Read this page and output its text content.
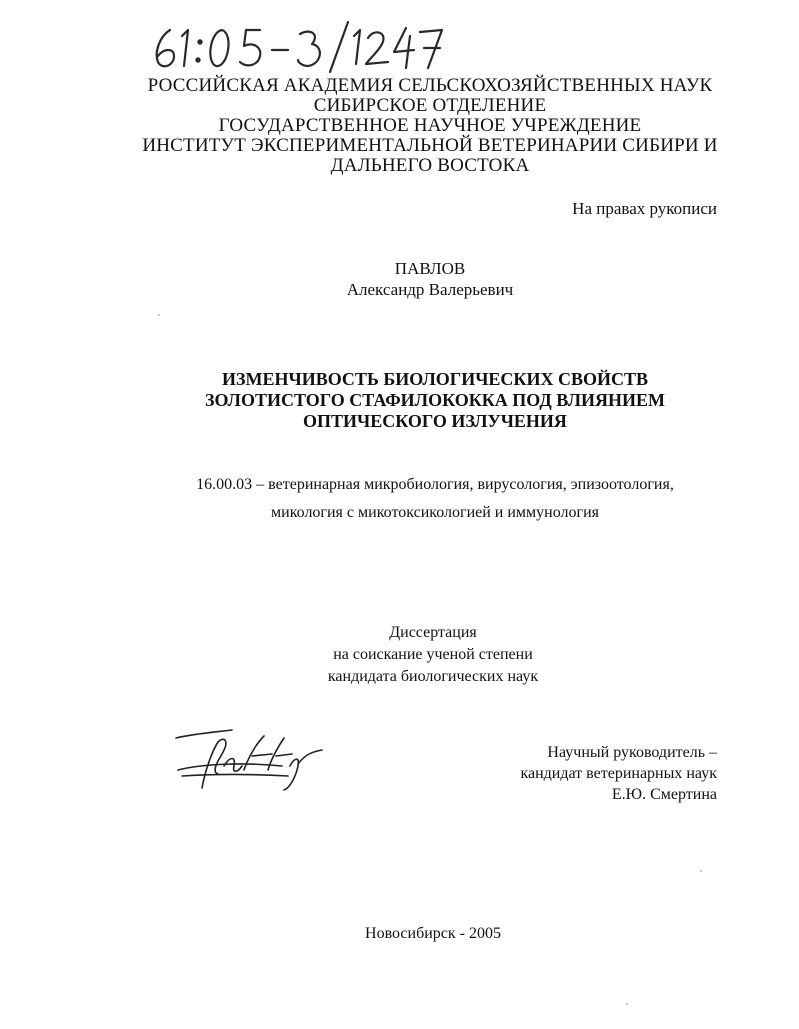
РОССИЙСКАЯ АКАДЕМИЯ СЕЛЬСКОХОЗЯЙСТВЕННЫХ НАУК
СИБИРСКОЕ ОТДЕЛЕНИЕ
ГОСУДАРСТВЕННОЕ НАУЧНОЕ УЧРЕЖДЕНИЕ
ИНСТИТУТ ЭКСПЕРИМЕНТАЛЬНОЙ ВЕТЕРИНАРИИ СИБИРИ И
ДАЛЬНЕГО ВОСТОКА
На правах рукописи
ПАВЛОВ
Александр Валерьевич
ИЗМЕНЧИВОСТЬ БИОЛОГИЧЕСКИХ СВОЙСТВ
ЗОЛОТИСТОГО СТАФИЛОКОККА ПОД ВЛИЯНИЕМ
ОПТИЧЕСКОГО ИЗЛУЧЕНИЯ
16.00.03 – ветеринарная микробиология, вирусология, эпизоотология,
микология с микотоксикологией и иммунология
Диссертация
на соискание ученой степени
кандидата биологических наук
Научный руководитель –
кандидат ветеринарных наук
Е.Ю. Смертина
Новосибирск - 2005
